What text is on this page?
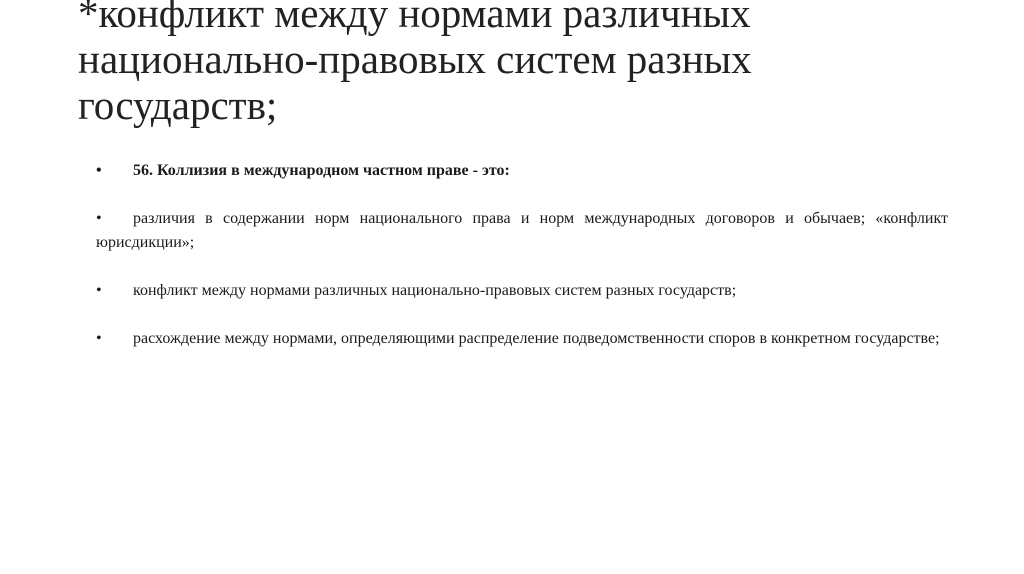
*конфликт между нормами различных
национально-правовых систем разных
государств;
• 56. Коллизия в международном частном праве - это:
• различия в содержании норм национального права и норм международных договоров и обычаев; «конфликт юрисдикции»;
• конфликт между нормами различных национально-правовых систем разных государств;
• расхождение между нормами, определяющими распределение подведомственности споров в конкретном государстве;
